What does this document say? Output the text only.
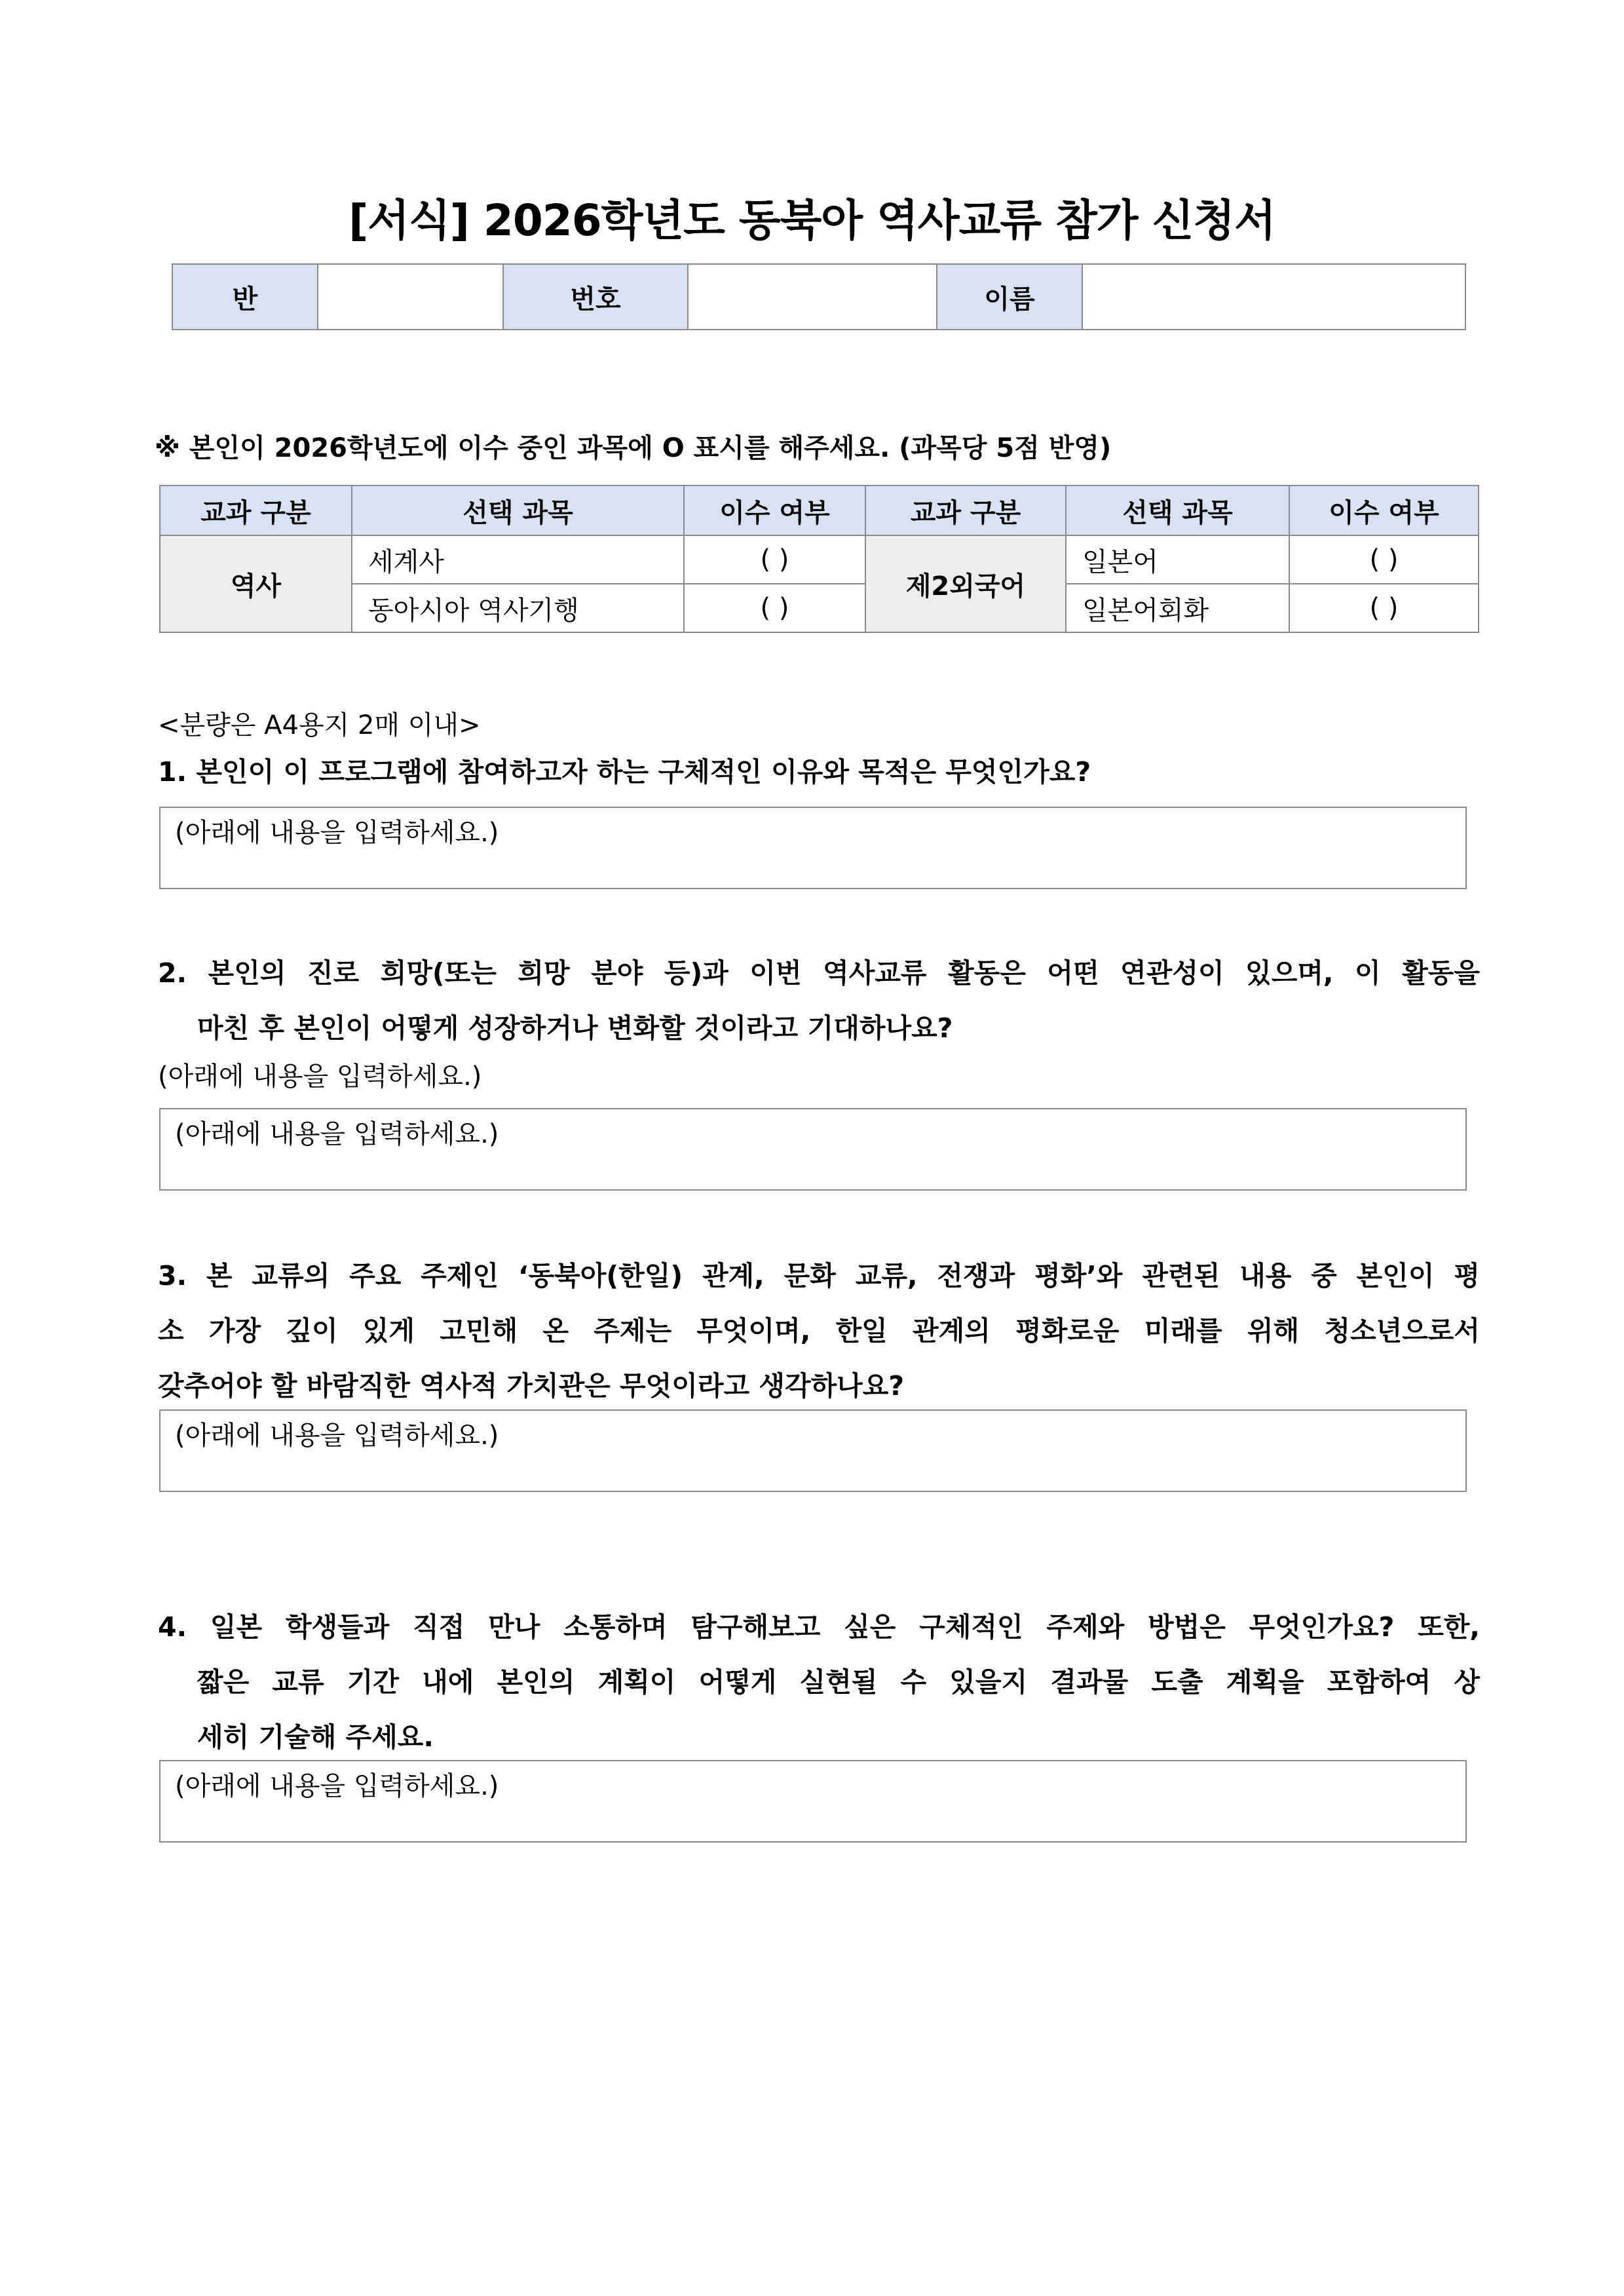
[서식] 2026학년도 동북아 역사교류 참가 신청서
반		번호		이름	
※ 본인이 2026학년도에 이수 중인 과목에 O 표시를 해주세요. (과목당 5점 반영)
교과 구분	선택 과목	이수 여부	교과 구분	선택 과목	이수 여부
역사	세계사	( )	제2외국어	일본어	( )
	동아시아 역사기행	( )		일본어회화	( )
<분량은 A4용지 2매 이내>
1. 본인이 이 프로그램에 참여하고자 하는 구체적인 이유와 목적은 무엇인가요?
(아래에 내용을 입력하세요.)
2. 본인의 진로 희망(또는 희망 분야 등)과 이번 역사교류 활동은 어떤 연관성이 있으며, 이 활동을
마친 후 본인이 어떻게 성장하거나 변화할 것이라고 기대하나요?
(아래에 내용을 입력하세요.)
(아래에 내용을 입력하세요.)
3. 본 교류의 주요 주제인 ‘동북아(한일) 관계, 문화 교류, 전쟁과 평화’와 관련된 내용 중 본인이 평
소 가장 깊이 있게 고민해 온 주제는 무엇이며, 한일 관계의 평화로운 미래를 위해 청소년으로서
갖추어야 할 바람직한 역사적 가치관은 무엇이라고 생각하나요?
(아래에 내용을 입력하세요.)
4. 일본 학생들과 직접 만나 소통하며 탐구해보고 싶은 구체적인 주제와 방법은 무엇인가요? 또한,
짧은 교류 기간 내에 본인의 계획이 어떻게 실현될 수 있을지 결과물 도출 계획을 포함하여 상
세히 기술해 주세요.
(아래에 내용을 입력하세요.)
